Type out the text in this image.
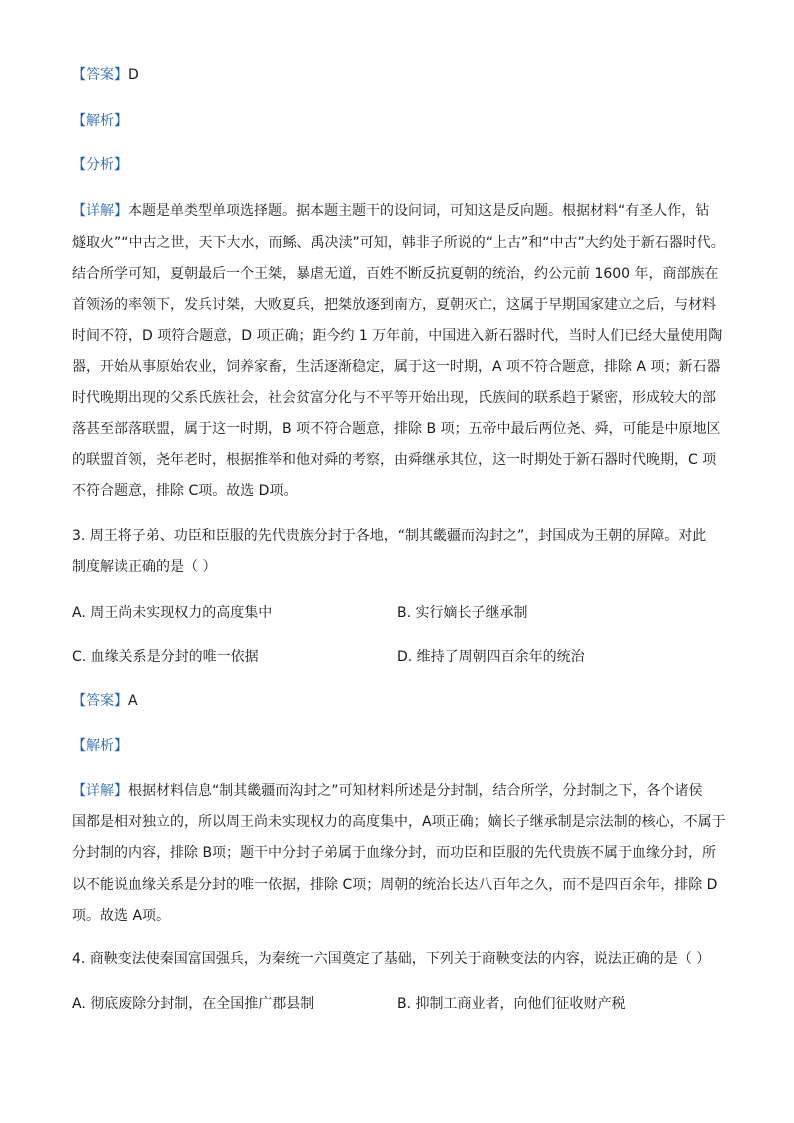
【答案】D
【解析】
【分析】
【详解】本题是单类型单项选择题。据本题主题干的设问词，可知这是反向题。根据材料“有圣人作，钻
燧取火”“中古之世，天下大水，而鲧、禹决渎”可知，韩非子所说的“上古”和“中古”大约处于新石器时代。
结合所学可知，夏朝最后一个王桀，暴虐无道，百姓不断反抗夏朝的统治，约公元前 1600 年，商部族在
首领汤的率领下，发兵讨桀，大败夏兵，把桀放逐到南方，夏朝灭亡，这属于早期国家建立之后，与材料
时间不符，D 项符合题意，D 项正确；距今约 1 万年前，中国进入新石器时代，当时人们已经大量使用陶
器，开始从事原始农业，饲养家畜，生活逐渐稳定，属于这一时期，A 项不符合题意，排除 A 项；新石器
时代晚期出现的父系氏族社会，社会贫富分化与不平等开始出现，氏族间的联系趋于紧密，形成较大的部
落甚至部落联盟，属于这一时期，B 项不符合题意，排除 B 项；五帝中最后两位尧、舜，可能是中原地区
的联盟首领，尧年老时，根据推举和他对舜的考察，由舜继承其位，这一时期处于新石器时代晚期，C 项
不符合题意，排除 C项。故选 D项。
3. 周王将子弟、功臣和臣服的先代贵族分封于各地，“制其畿疆而沟封之”，封国成为王朝的屏障。对此
制度解读正确的是（ ）
A. 周王尚未实现权力的高度集中	B. 实行嫡长子继承制
C. 血缘关系是分封的唯一依据	D. 维持了周朝四百余年的统治
【答案】A
【解析】
【详解】根据材料信息“制其畿疆而沟封之”可知材料所述是分封制，结合所学，分封制之下，各个诸侯
国都是相对独立的，所以周王尚未实现权力的高度集中，A项正确；嫡长子继承制是宗法制的核心，不属于
分封制的内容，排除 B项；题干中分封子弟属于血缘分封，而功臣和臣服的先代贵族不属于血缘分封，所
以不能说血缘关系是分封的唯一依据，排除 C项；周朝的统治长达八百年之久，而不是四百余年，排除 D
项。故选 A项。
4. 商鞅变法使秦国富国强兵，为秦统一六国奠定了基础，下列关于商鞅变法的内容，说法正确的是（ ）
A. 彻底废除分封制，在全国推广郡县制	B. 抑制工商业者，向他们征收财产税
